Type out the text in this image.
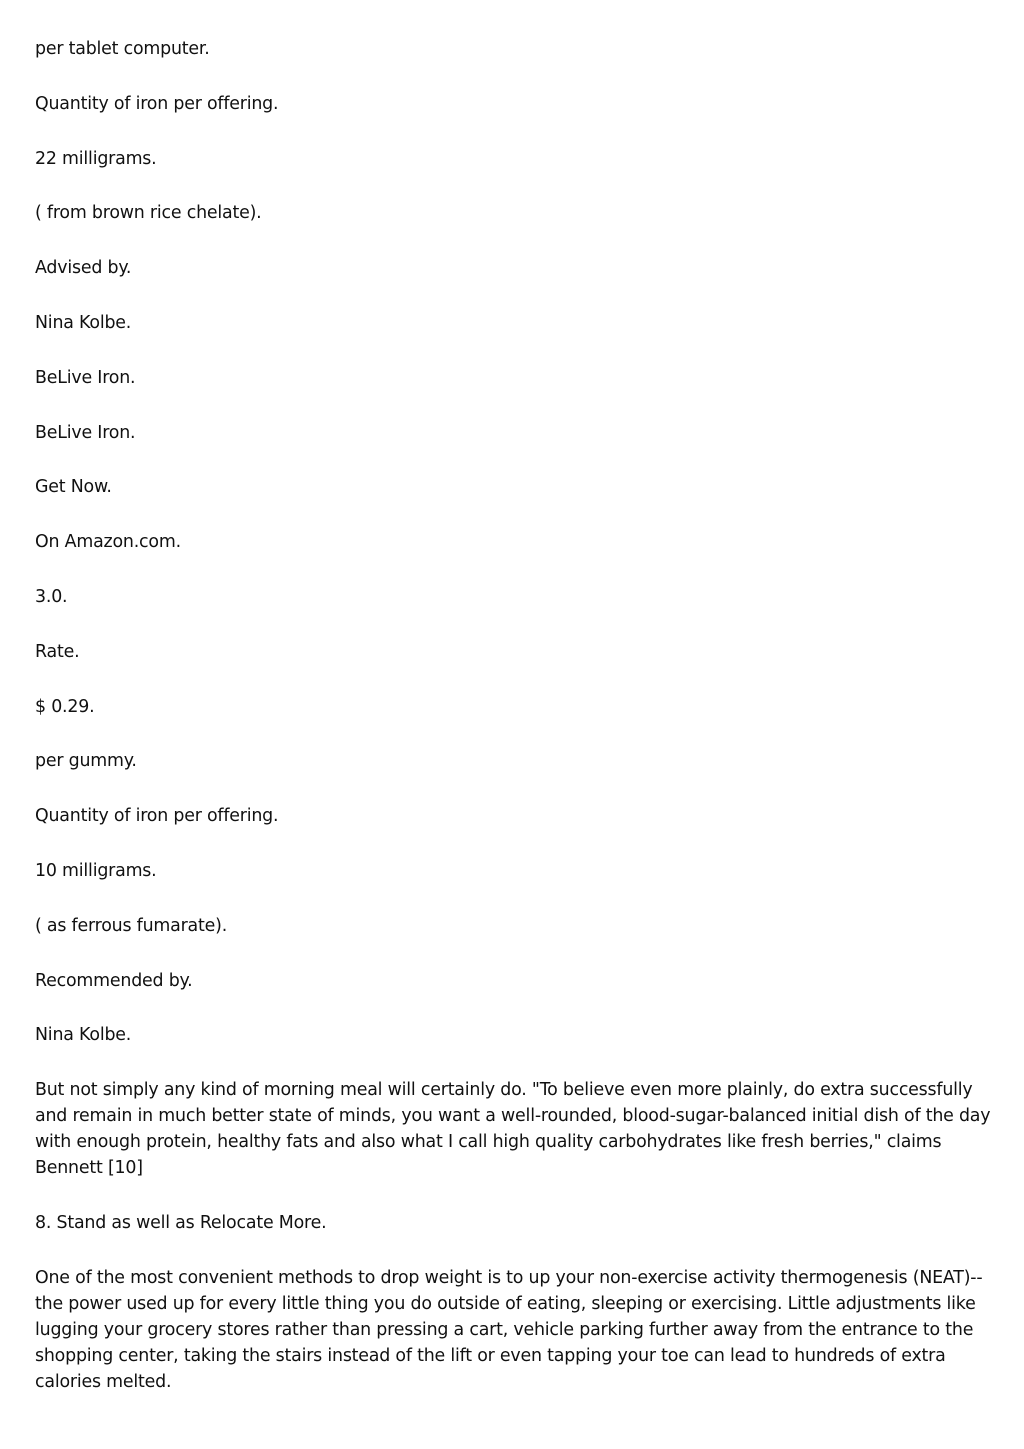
per tablet computer.

Quantity of iron per offering.

22 milligrams.

( from brown rice chelate).

Advised by.

Nina Kolbe.

BeLive Iron.

BeLive Iron.

Get Now.

On Amazon.com.

3.0.

Rate.

$ 0.29.

per gummy.

Quantity of iron per offering.

10 milligrams.

( as ferrous fumarate).

Recommended by.

Nina Kolbe.

But not simply any kind of morning meal will certainly do. "To believe even more plainly, do extra successfully and remain in much better state of minds, you want a well-rounded, blood-sugar-balanced initial dish of the day with enough protein, healthy fats and also what I call high quality carbohydrates like fresh berries," claims Bennett [10]

8. Stand as well as Relocate More.

One of the most convenient methods to drop weight is to up your non-exercise activity thermogenesis (NEAT)--the power used up for every little thing you do outside of eating, sleeping or exercising. Little adjustments like lugging your grocery stores rather than pressing a cart, vehicle parking further away from the entrance to the shopping center, taking the stairs instead of the lift or even tapping your toe can lead to hundreds of extra calories melted.
